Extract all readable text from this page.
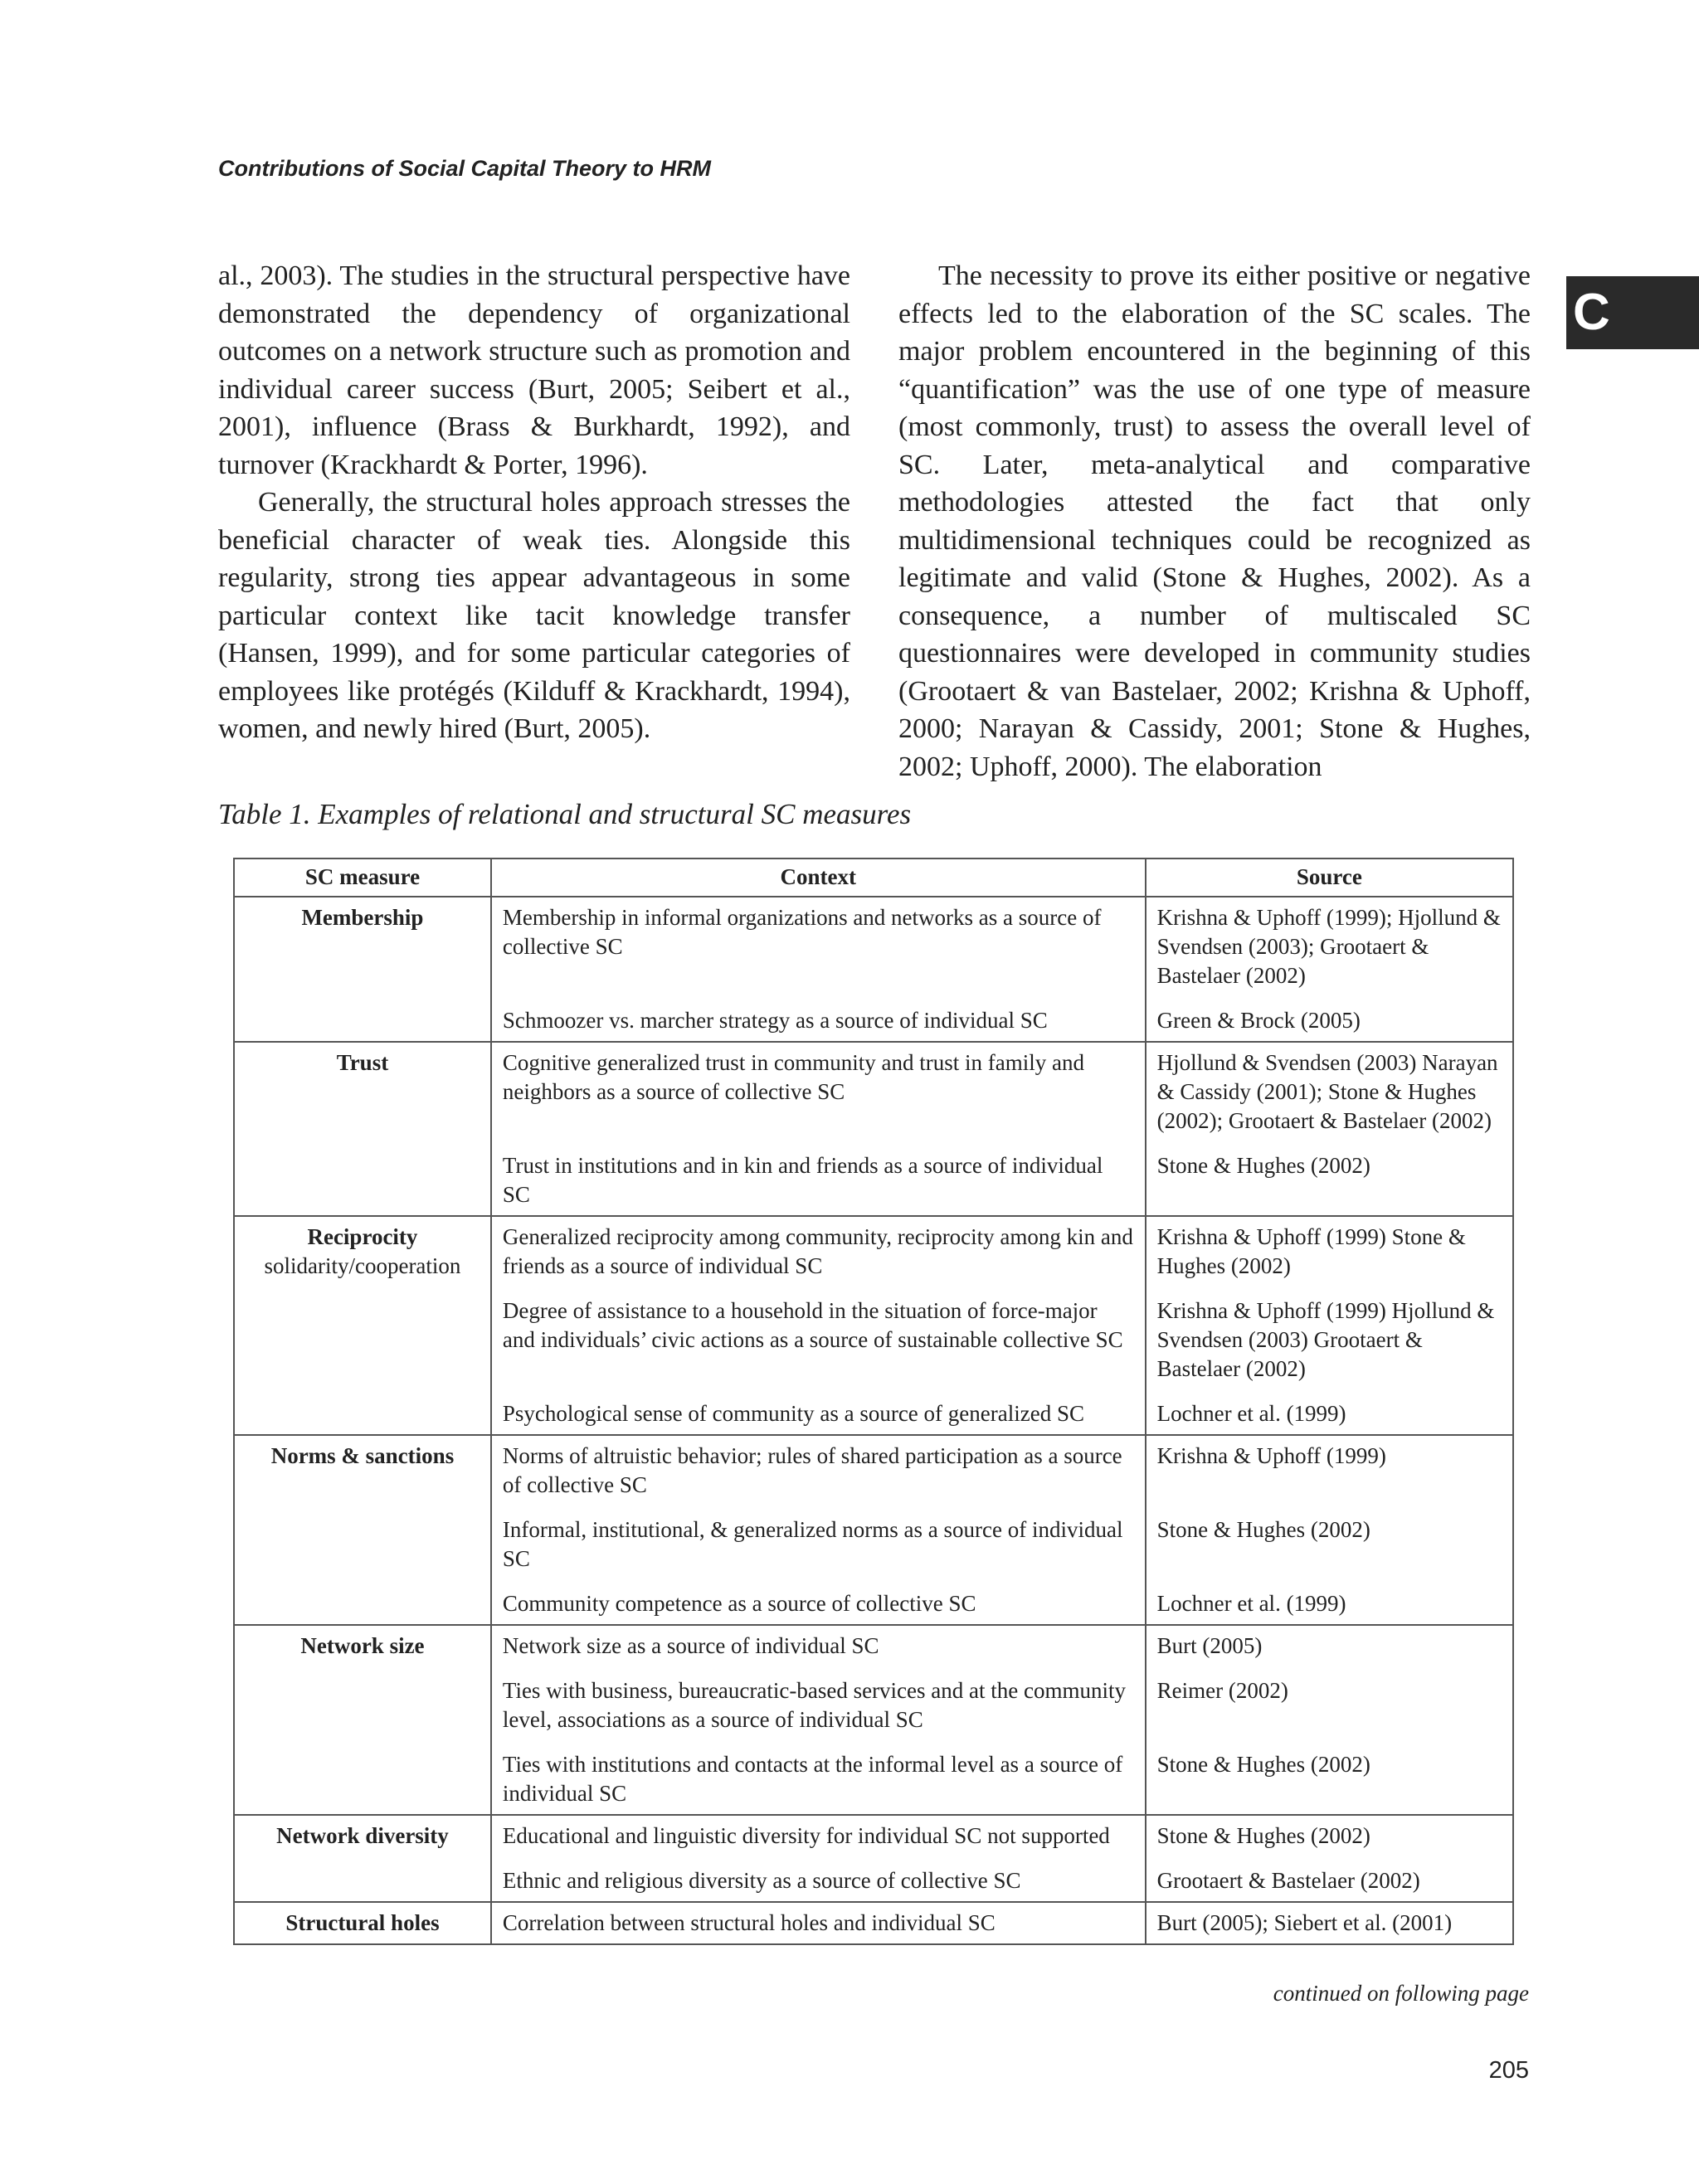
Contributions of Social Capital Theory to HRM
C

al., 2003). The studies in the structural perspective have demonstrated the dependency of organizational outcomes on a network structure such as promotion and individual career success (Burt, 2005; Seibert et al., 2001), influence (Brass & Burkhardt, 1992), and turnover (Krackhardt & Porter, 1996).

Generally, the structural holes approach stresses the beneficial character of weak ties. Alongside this regularity, strong ties appear advantageous in some particular context like tacit knowledge transfer (Hansen, 1999), and for some particular categories of employees like protégés (Kilduff & Krackhardt, 1994), women, and newly hired (Burt, 2005).

The necessity to prove its either positive or negative effects led to the elaboration of the SC scales. The major problem encountered in the beginning of this “quantification” was the use of one type of measure (most commonly, trust) to assess the overall level of SC. Later, meta-analytical and comparative methodologies attested the fact that only multidimensional techniques could be recognized as legitimate and valid (Stone & Hughes, 2002). As a consequence, a number of multiscaled SC questionnaires were developed in community studies (Grootaert & van Bastelaer, 2002; Krishna & Uphoff, 2000; Narayan & Cassidy, 2001; Stone & Hughes, 2002; Uphoff, 2000). The elaboration

Table 1. Examples of relational and structural SC measures
SC measure	Context	Source

Membership	Membership in informal organizations and networks as a source of collective SC	Krishna & Uphoff (1999); Hjollund & Svendsen (2003); Grootaert & Bastelaer (2002)
	Schmoozer vs. marcher strategy as a source of individual SC	Green & Brock (2005)

Trust	Cognitive generalized trust in community and trust in family and neighbors as a source of collective SC	Hjollund & Svendsen (2003) Narayan & Cassidy (2001); Stone & Hughes (2002); Grootaert & Bastelaer (2002)
	Trust in institutions and in kin and friends as a source of individual SC	Stone & Hughes (2002)

Reciprocity
solidarity/cooperation	Generalized reciprocity among community, reciprocity among kin and friends as a source of individual SC	Krishna & Uphoff (1999) Stone & Hughes (2002)
	Degree of assistance to a household in the situation of force-major and individuals’ civic actions as a source of sustainable collective SC	Krishna & Uphoff (1999) Hjollund & Svendsen (2003) Grootaert & Bastelaer (2002)
	Psychological sense of community as a source of generalized SC	Lochner et al. (1999)

Norms & sanctions	Norms of altruistic behavior; rules of shared participation as a source of collective SC	Krishna & Uphoff (1999)
	Informal, institutional, & generalized norms as a source of individual SC	Stone & Hughes (2002)
	Community competence as a source of collective SC	Lochner et al. (1999)

Network size	Network size as a source of individual SC	Burt (2005)
	Ties with business, bureaucratic-based services and at the community level, associations as a source of individual SC	Reimer (2002)
	Ties with institutions and contacts at the informal level as a source of individual SC	Stone & Hughes (2002)

Network diversity	Educational and linguistic diversity for individual SC not supported	Stone & Hughes (2002)
	Ethnic and religious diversity as a source of collective SC	Grootaert & Bastelaer (2002)

Structural holes	Correlation between structural holes and individual SC	Burt (2005); Siebert et al. (2001)
continued on following page
205
